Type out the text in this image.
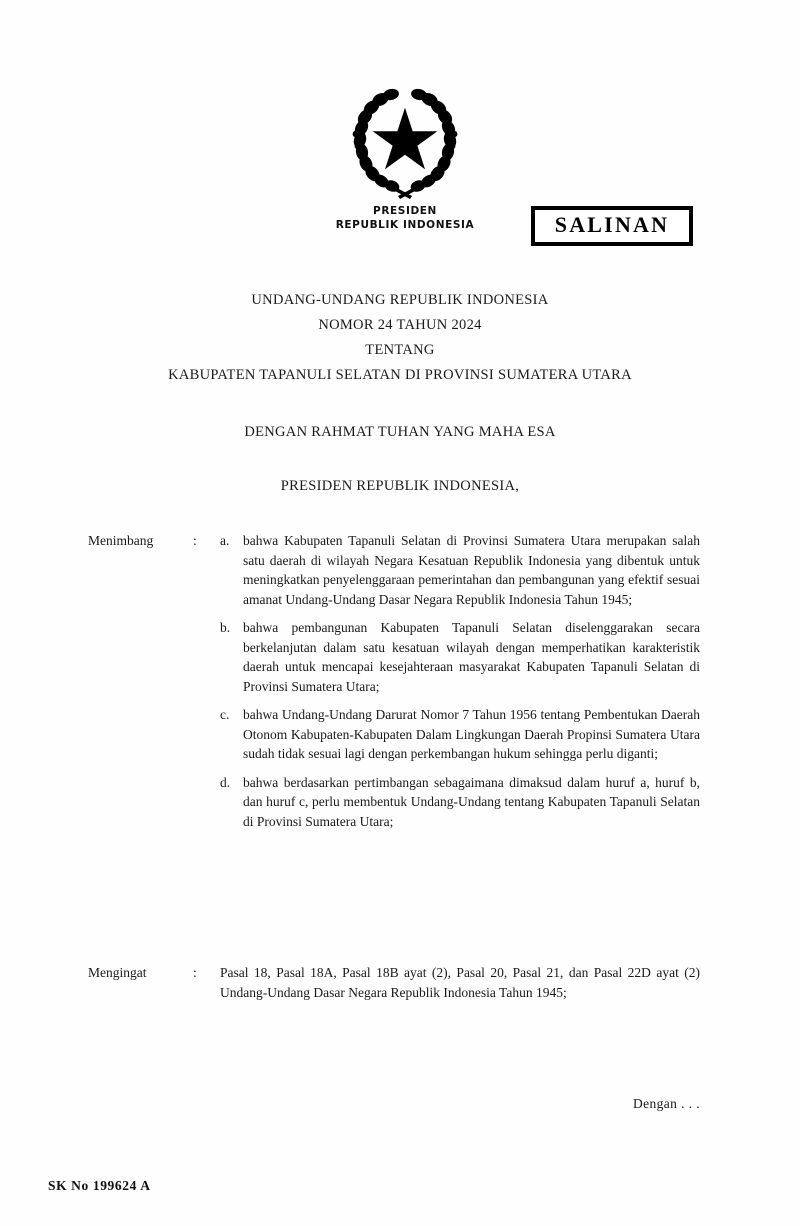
PRESIDEN
REPUBLIK INDONESIA	SALINAN
UNDANG-UNDANG REPUBLIK INDONESIA
NOMOR 24 TAHUN 2024
TENTANG
KABUPATEN TAPANULI SELATAN DI PROVINSI SUMATERA UTARA
DENGAN RAHMAT TUHAN YANG MAHA ESA
PRESIDEN REPUBLIK INDONESIA,
Menimbang	:	a.	bahwa Kabupaten Tapanuli Selatan di Provinsi Sumatera Utara merupakan salah satu daerah di wilayah Negara Kesatuan Republik Indonesia yang dibentuk untuk meningkatkan penyelenggaraan pemerintahan dan pembangunan yang efektif sesuai amanat Undang-Undang Dasar Negara Republik Indonesia Tahun 1945;
b. bahwa pembangunan Kabupaten Tapanuli Selatan diselenggarakan secara berkelanjutan dalam satu kesatuan wilayah dengan memperhatikan karakteristik daerah untuk mencapai kesejahteraan masyarakat Kabupaten Tapanuli Selatan di Provinsi Sumatera Utara;
c.	bahwa Undang-Undang Darurat Nomor 7 Tahun 1956 tentang Pembentukan Daerah Otonom Kabupaten-Kabupaten Dalam Lingkungan Daerah Propinsi Sumatera Utara sudah tidak sesuai lagi dengan perkembangan hukum sehingga perlu diganti;
d. bahwa berdasarkan pertimbangan sebagaimana dimaksud dalam huruf a, huruf b, dan huruf c, perlu membentuk Undang-Undang tentang Kabupaten Tapanuli Selatan di Provinsi Sumatera Utara;
Mengingat	:	Pasal 18, Pasal 18A, Pasal 18B ayat (2), Pasal 20, Pasal 21, dan Pasal 22D ayat (2) Undang-Undang Dasar Negara Republik Indonesia Tahun 1945;
Dengan . . .
SK No 199624 A
